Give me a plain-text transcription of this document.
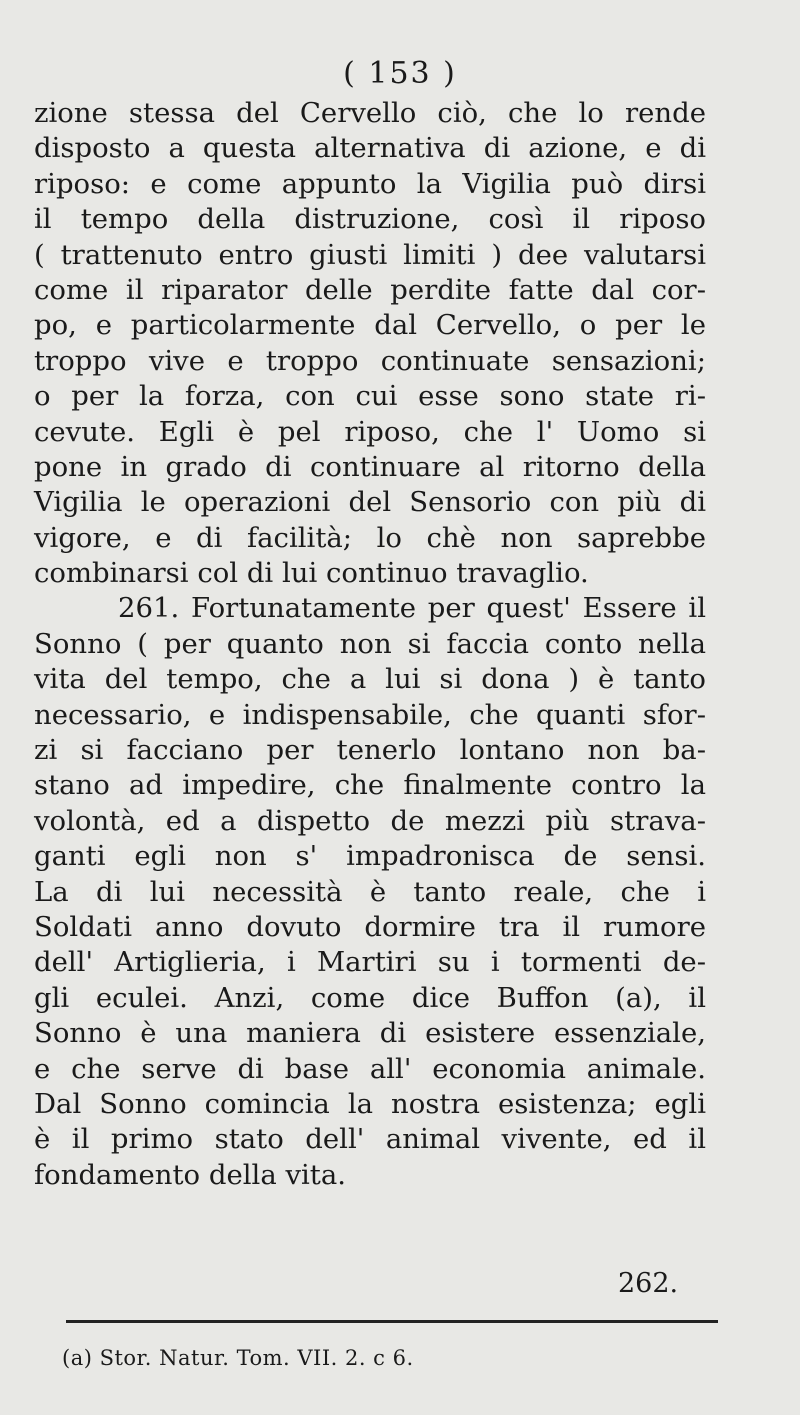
( 153 )
zione stessa del Cervello ciò, che lo rende
disposto a questa alternativa di azione, e di
riposo: e come appunto la Vigilia può dirsi
il tempo della distruzione, così il riposo
( trattenuto entro giusti limiti ) dee valutarsi
come il riparator delle perdite fatte dal cor-
po, e particolarmente dal Cervello, o per le
troppo vive e troppo continuate sensazioni;
o per la forza, con cui esse sono state ri-
cevute. Egli è pel riposo, che l' Uomo si
pone in grado di continuare al ritorno della
Vigilia le operazioni del Sensorio con più di
vigore, e di facilità; lo chè non saprebbe
combinarsi col di lui continuo travaglio.
261. Fortunatamente per quest' Essere il
Sonno ( per quanto non si faccia conto nella
vita del tempo, che a lui si dona ) è tanto
necessario, e indispensabile, che quanti sfor-
zi si facciano per tenerlo lontano non ba-
stano ad impedire, che finalmente contro la
volontà, ed a dispetto de mezzi più strava-
ganti egli non s' impadronisca de sensi.
La di lui necessità è tanto reale, che i
Soldati anno dovuto dormire tra il rumore
dell' Artiglieria, i Martiri su i tormenti de-
gli eculei. Anzi, come dice Buffon (a), il
Sonno è una maniera di esistere essenziale,
e che serve di base all' economia animale.
Dal Sonno comincia la nostra esistenza; egli
è il primo stato dell' animal vivente, ed il
fondamento della vita.
262.
(a) Stor. Natur. Tom. VII. 2. c 6.
